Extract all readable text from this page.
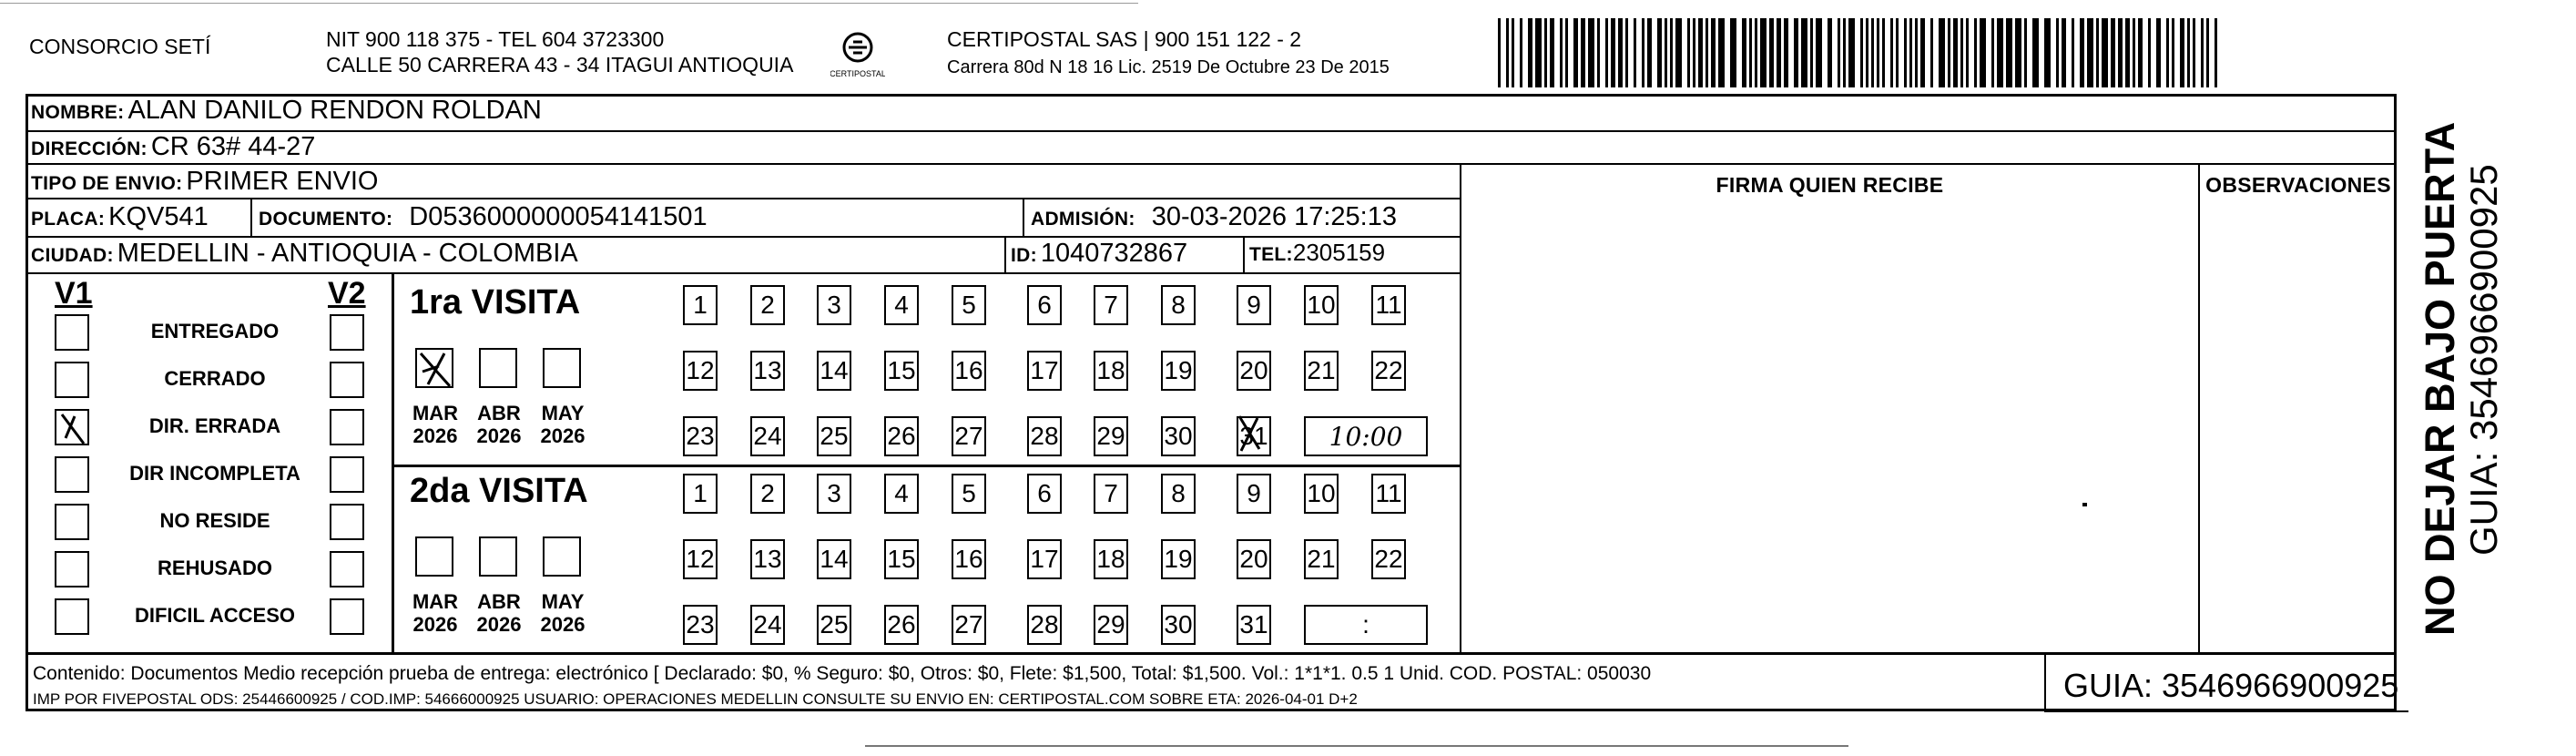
CONSORCIO SETÍ	NIT 900 118 375 - TEL 604 3723300
CALLE 50 CARRERA 43 - 34 ITAGUI ANTIOQUIA	CERTIPOSTAL
CERTIPOSTAL SAS | 900 151 122 - 2
Carrera 80d N 18 16 Lic. 2519 De Octubre 23 De 2015
NOMBRE: ALAN DANILO RENDON ROLDAN
DIRECCIÓN: CR 63# 44-27
TIPO DE ENVIO: PRIMER ENVIO
PLACA: KQV541	DOCUMENTO: D0536000000054141501	ADMISIÓN: 30-03-2026 17:25:13
CIUDAD: MEDELLIN - ANTIOQUIA - COLOMBIA	ID: 1040732867	TEL: 2305159
FIRMA QUIEN RECIBE	OBSERVACIONES
V1	V2
ENTREGADO
CERRADO
DIR. ERRADA
DIR INCOMPLETA
NO RESIDE
REHUSADO
DIFICIL ACCESO
1ra VISITA
MAR
2026
ABR
2026
MAY
2026
1	2	3	4	5	6	7	8	9	10 11
12 13 14 15 16 17 18 19 20 21 22
23 24 25 26 27 28 29 30 31	10:00
2da VISITA
MAR
2026
ABR
2026
MAY
2026
1	2	3	4	5	6	7	8	9	10 11
12 13 14 15 16 17 18 19 20 21 22
23 24 25 26 27 28 29 30 31	:
Contenido: Documentos Medio recepción prueba de entrega: electrónico [ Declarado: $0, % Seguro: $0, Otros: $0, Flete: $1,500, Total: $1,500. Vol.: 1*1*1. 0.5 1 Unid. COD. POSTAL: 050030
IMP POR FIVEPOSTAL ODS: 25446600925 / COD.IMP: 54666000925 USUARIO: OPERACIONES MEDELLIN CONSULTE SU ENVIO EN: CERTIPOSTAL.COM SOBRE ETA: 2026-04-01 D+2	GUIA: 3546966900925
NO DEJAR BAJO PUERTA GUIA: 3546966900925
